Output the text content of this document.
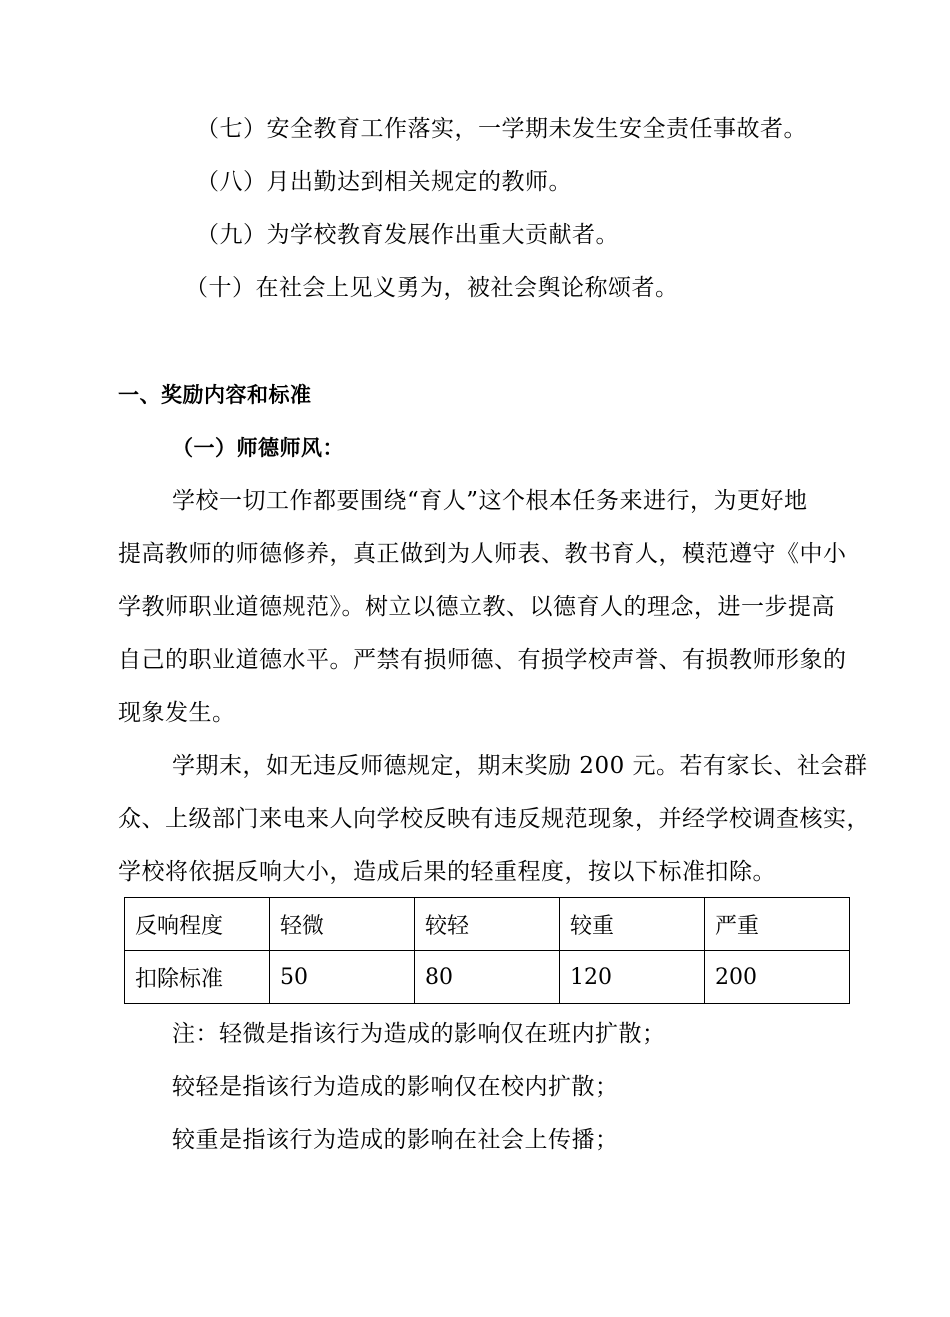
（七）安全教育工作落实，一学期未发生安全责任事故者。
（八）月出勤达到相关规定的教师。
（九）为学校教育发展作出重大贡献者。
（十）在社会上见义勇为，被社会舆论称颂者。
一、奖励内容和标准
（一）师德师风：
学校一切工作都要围绕“育人”这个根本任务来进行，为更好地
提高教师的师德修养，真正做到为人师表、教书育人，模范遵守《中小
学教师职业道德规范》。树立以德立教、以德育人的理念，进一步提高
自己的职业道德水平。严禁有损师德、有损学校声誉、有损教师形象的
现象发生。
学期末，如无违反师德规定，期末奖励 200 元。若有家长、社会群
众、上级部门来电来人向学校反映有违反规范现象，并经学校调查核实，
学校将依据反响大小，造成后果的轻重程度，按以下标准扣除。
反响程度	轻微	较轻	较重	严重
扣除标准	50	80	120	200
注：轻微是指该行为造成的影响仅在班内扩散；
较轻是指该行为造成的影响仅在校内扩散；
较重是指该行为造成的影响在社会上传播；
